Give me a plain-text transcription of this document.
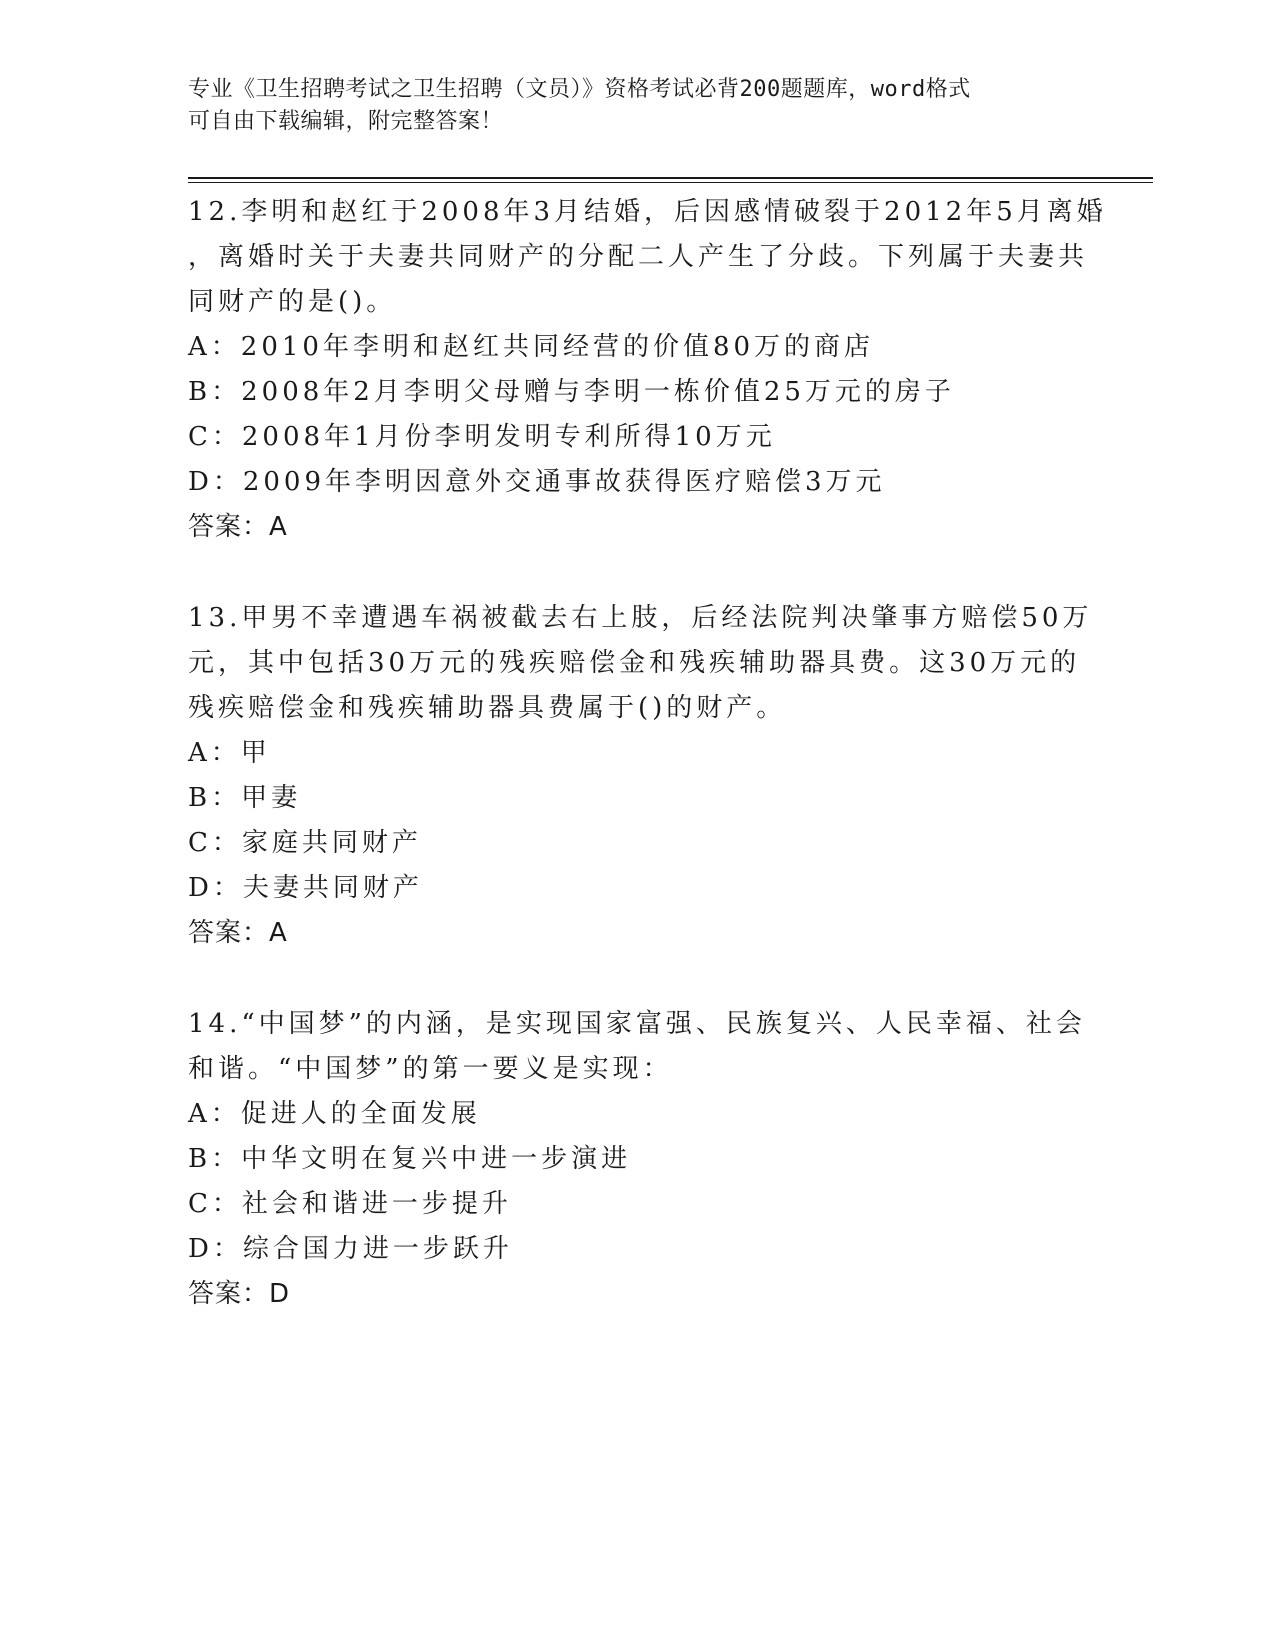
专业《卫生招聘考试之卫生招聘（文员）》资格考试必背200题题库，word格式
可自由下载编辑，附完整答案！
12.李明和赵红于2008年3月结婚，后因感情破裂于2012年5月离婚
，离婚时关于夫妻共同财产的分配二人产生了分歧。下列属于夫妻共
同财产的是()。
A：2010年李明和赵红共同经营的价值80万的商店
B：2008年2月李明父母赠与李明一栋价值25万元的房子
C：2008年1月份李明发明专利所得10万元
D：2009年李明因意外交通事故获得医疗赔偿3万元
答案：A
13.甲男不幸遭遇车祸被截去右上肢，后经法院判决肇事方赔偿50万
元，其中包括30万元的残疾赔偿金和残疾辅助器具费。这30万元的
残疾赔偿金和残疾辅助器具费属于()的财产。
A：甲
B：甲妻
C：家庭共同财产
D：夫妻共同财产
答案：A
14.“中国梦”的内涵，是实现国家富强、民族复兴、人民幸福、社会
和谐。“中国梦”的第一要义是实现：
A：促进人的全面发展
B：中华文明在复兴中进一步演进
C：社会和谐进一步提升
D：综合国力进一步跃升
答案：D
